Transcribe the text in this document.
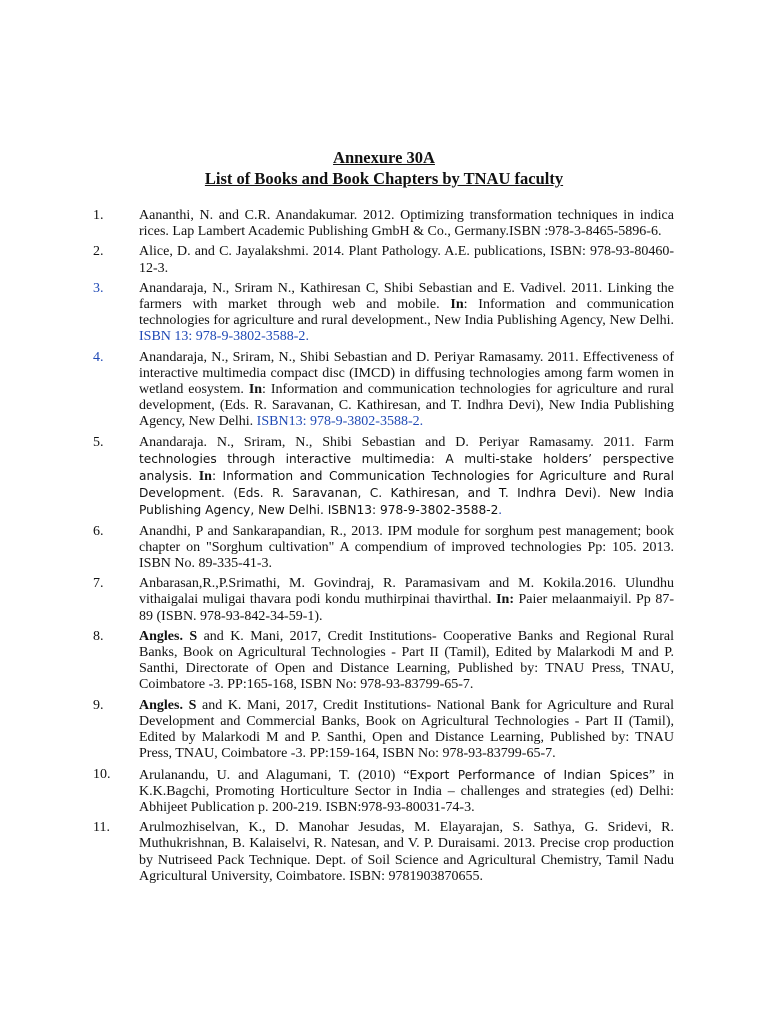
Annexure 30A

List of Books and Book Chapters by TNAU faculty

1.	Aananthi, N. and C.R. Anandakumar. 2012. Optimizing transformation techniques in indica rices. Lap Lambert Academic Publishing GmbH & Co., Germany.ISBN :978-3-8465-5896-6.
2.	Alice, D. and C. Jayalakshmi. 2014. Plant Pathology. A.E. publications, ISBN: 978-93-80460-12-3.
3.	Anandaraja, N., Sriram N., Kathiresan C, Shibi Sebastian and E. Vadivel. 2011. Linking the farmers with market through web and mobile. In: Information and communication technologies for agriculture and rural development., New India Publishing Agency, New Delhi. ISBN 13: 978-9-3802-3588-2.
4.	Anandaraja, N., Sriram, N., Shibi Sebastian and D. Periyar Ramasamy. 2011. Effectiveness of interactive multimedia compact disc (IMCD) in diffusing technologies among farm women in wetland eosystem. In: Information and communication technologies for agriculture and rural development, (Eds. R. Saravanan, C. Kathiresan, and T. Indhra Devi), New India Publishing Agency, New Delhi. ISBN13: 978-9-3802-3588-2.
5.	Anandaraja. N., Sriram, N., Shibi Sebastian and D. Periyar Ramasamy. 2011. Farm technologies through interactive multimedia: A multi-stake holders’ perspective analysis. In: Information and Communication Technologies for Agriculture and Rural Development. (Eds. R. Saravanan, C. Kathiresan, and T. Indhra Devi). New India Publishing Agency, New Delhi. ISBN13: 978-9-3802-3588-2.
6.	Anandhi, P and Sankarapandian, R., 2013. IPM module for sorghum pest management; book chapter on "Sorghum cultivation" A compendium of improved technologies Pp: 105. 2013. ISBN No. 89-335-41-3.
7.	Anbarasan,R.,P.Srimathi, M. Govindraj, R. Paramasivam and M. Kokila.2016. Ulundhu vithaigalai muligai thavara podi kondu muthirpinai thavirthal. In: Paier melaanmaiyil. Pp 87-89 (ISBN. 978-93-842-34-59-1).
8.	Angles. S and K. Mani, 2017, Credit Institutions- Cooperative Banks and Regional Rural Banks, Book on Agricultural Technologies - Part II (Tamil), Edited by Malarkodi M and P. Santhi, Directorate of Open and Distance Learning, Published by: TNAU Press, TNAU, Coimbatore -3. PP:165-168, ISBN No: 978-93-83799-65-7.
9.	Angles. S and K. Mani, 2017, Credit Institutions- National Bank for Agriculture and Rural Development and Commercial Banks, Book on Agricultural Technologies - Part II (Tamil), Edited by Malarkodi M and P. Santhi, Open and Distance Learning, Published by: TNAU Press, TNAU, Coimbatore -3. PP:159-164, ISBN No: 978-93-83799-65-7.
10.	Arulanandu, U. and Alagumani, T. (2010) “Export Performance of Indian Spices” in K.K.Bagchi, Promoting Horticulture Sector in India – challenges and strategies (ed) Delhi: Abhijeet Publication p. 200-219. ISBN:978-93-80031-74-3.
11.	Arulmozhiselvan, K., D. Manohar Jesudas, M. Elayarajan, S. Sathya, G. Sridevi, R. Muthukrishnan, B. Kalaiselvi, R. Natesan, and V. P. Duraisami. 2013. Precise crop production by Nutriseed Pack Technique. Dept. of Soil Science and Agricultural Chemistry, Tamil Nadu Agricultural University, Coimbatore. ISBN: 9781903870655.
